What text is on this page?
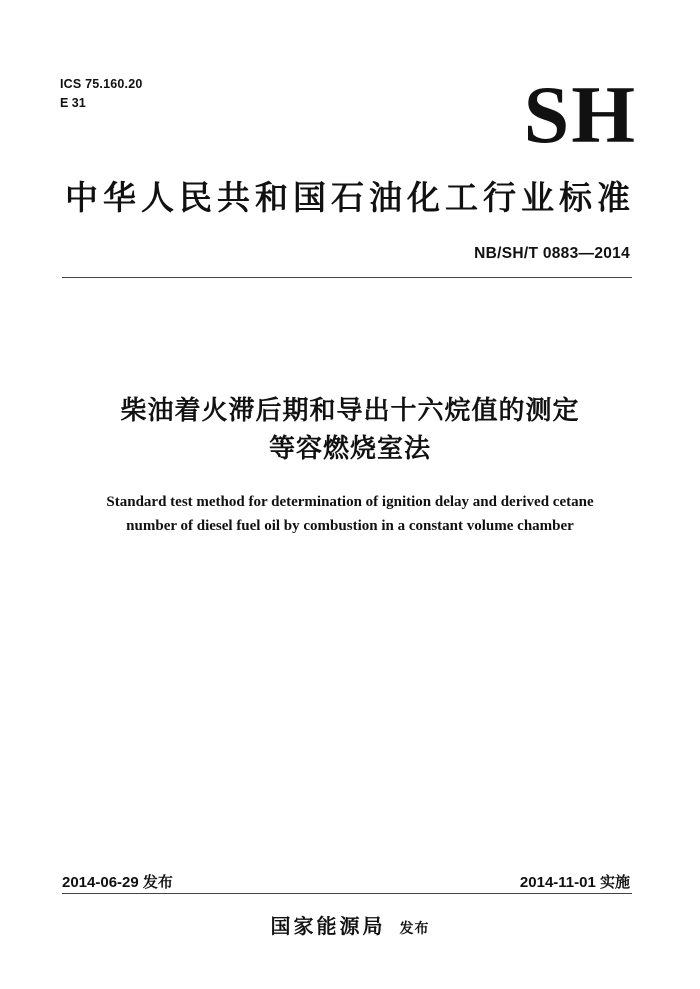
ICS 75.160.20
E 31	SH
中华人民共和国石油化工行业标准
NB/SH/T 0883—2014
柴油着火滞后期和导出十六烷值的测定
等容燃烧室法
Standard test method for determination of ignition delay and derived cetane
number of diesel fuel oil by combustion in a constant volume chamber
2014-06-29 发布	2014-11-01 实施
国家能源局 发布
